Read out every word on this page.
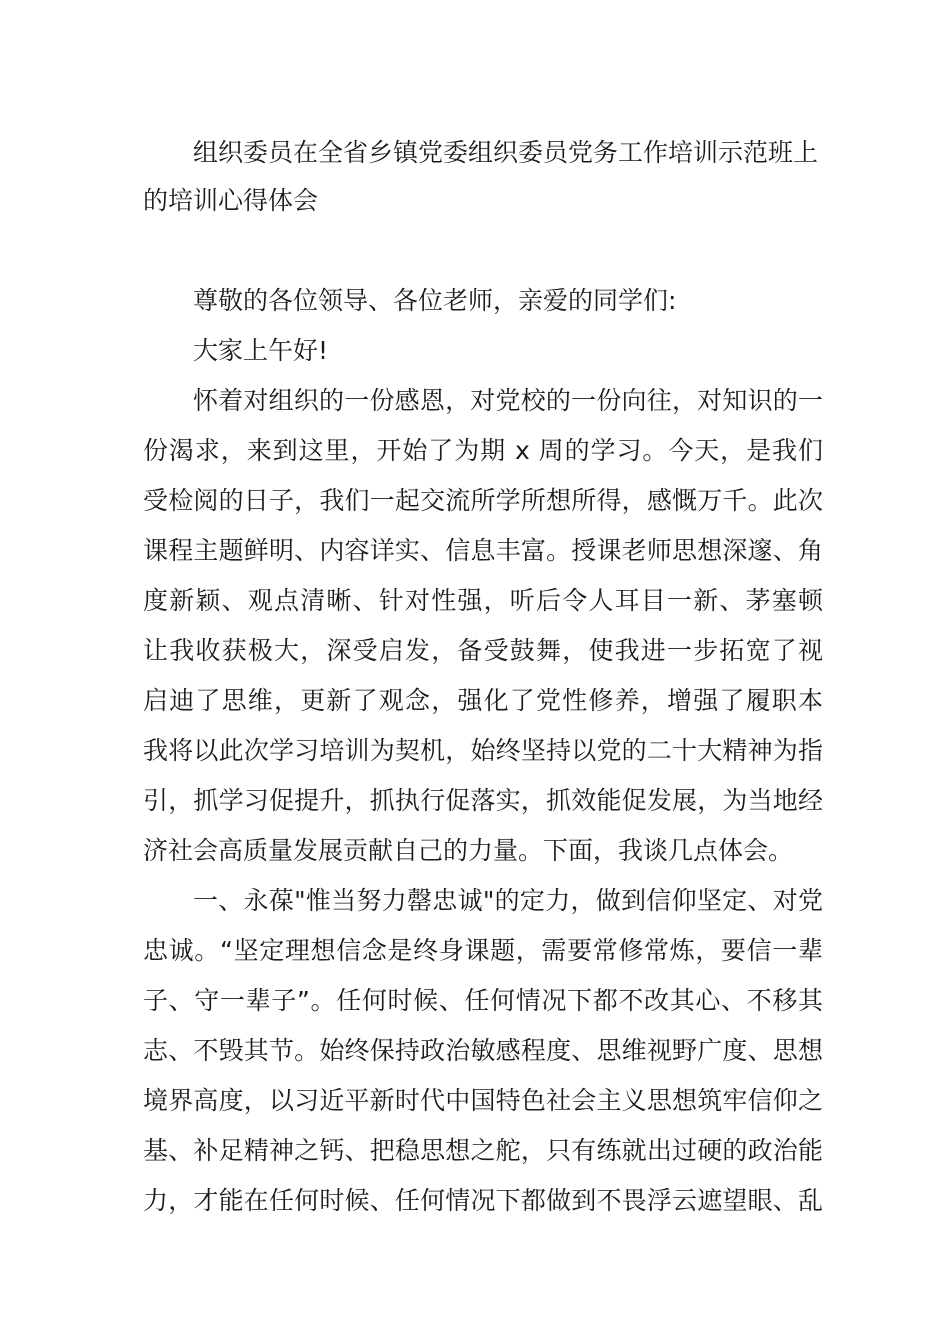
组织委员在全省乡镇党委组织委员党务工作培训示范班上
的培训心得体会
尊敬的各位领导、各位老师，亲爱的同学们:
大家上午好!
怀着对组织的一份感恩，对党校的一份向往，对知识的一
份渴求，来到这里，开始了为期 x 周的学习。今天，是我们
受检阅的日子，我们一起交流所学所想所得，感慨万千。此次
课程主题鲜明、内容详实、信息丰富。授课老师思想深邃、角
度新颖、观点清晰、针对性强，听后令人耳目一新、茅塞顿
让我收获极大，深受启发，备受鼓舞，使我进一步拓宽了视
启迪了思维，更新了观念，强化了党性修养，增强了履职本
我将以此次学习培训为契机，始终坚持以党的二十大精神为指
引，抓学习促提升，抓执行促落实，抓效能促发展，为当地经
济社会高质量发展贡献自己的力量。下面，我谈几点体会。
一、永葆"惟当努力罄忠诚"的定力，做到信仰坚定、对党
忠诚。“坚定理想信念是终身课题，需要常修常炼，要信一辈
子、守一辈子”。任何时候、任何情况下都不改其心、不移其
志、不毁其节。始终保持政治敏感程度、思维视野广度、思想
境界高度，以习近平新时代中国特色社会主义思想筑牢信仰之
基、补足精神之钙、把稳思想之舵，只有练就出过硬的政治能
力，才能在任何时候、任何情况下都做到不畏浮云遮望眼、乱
